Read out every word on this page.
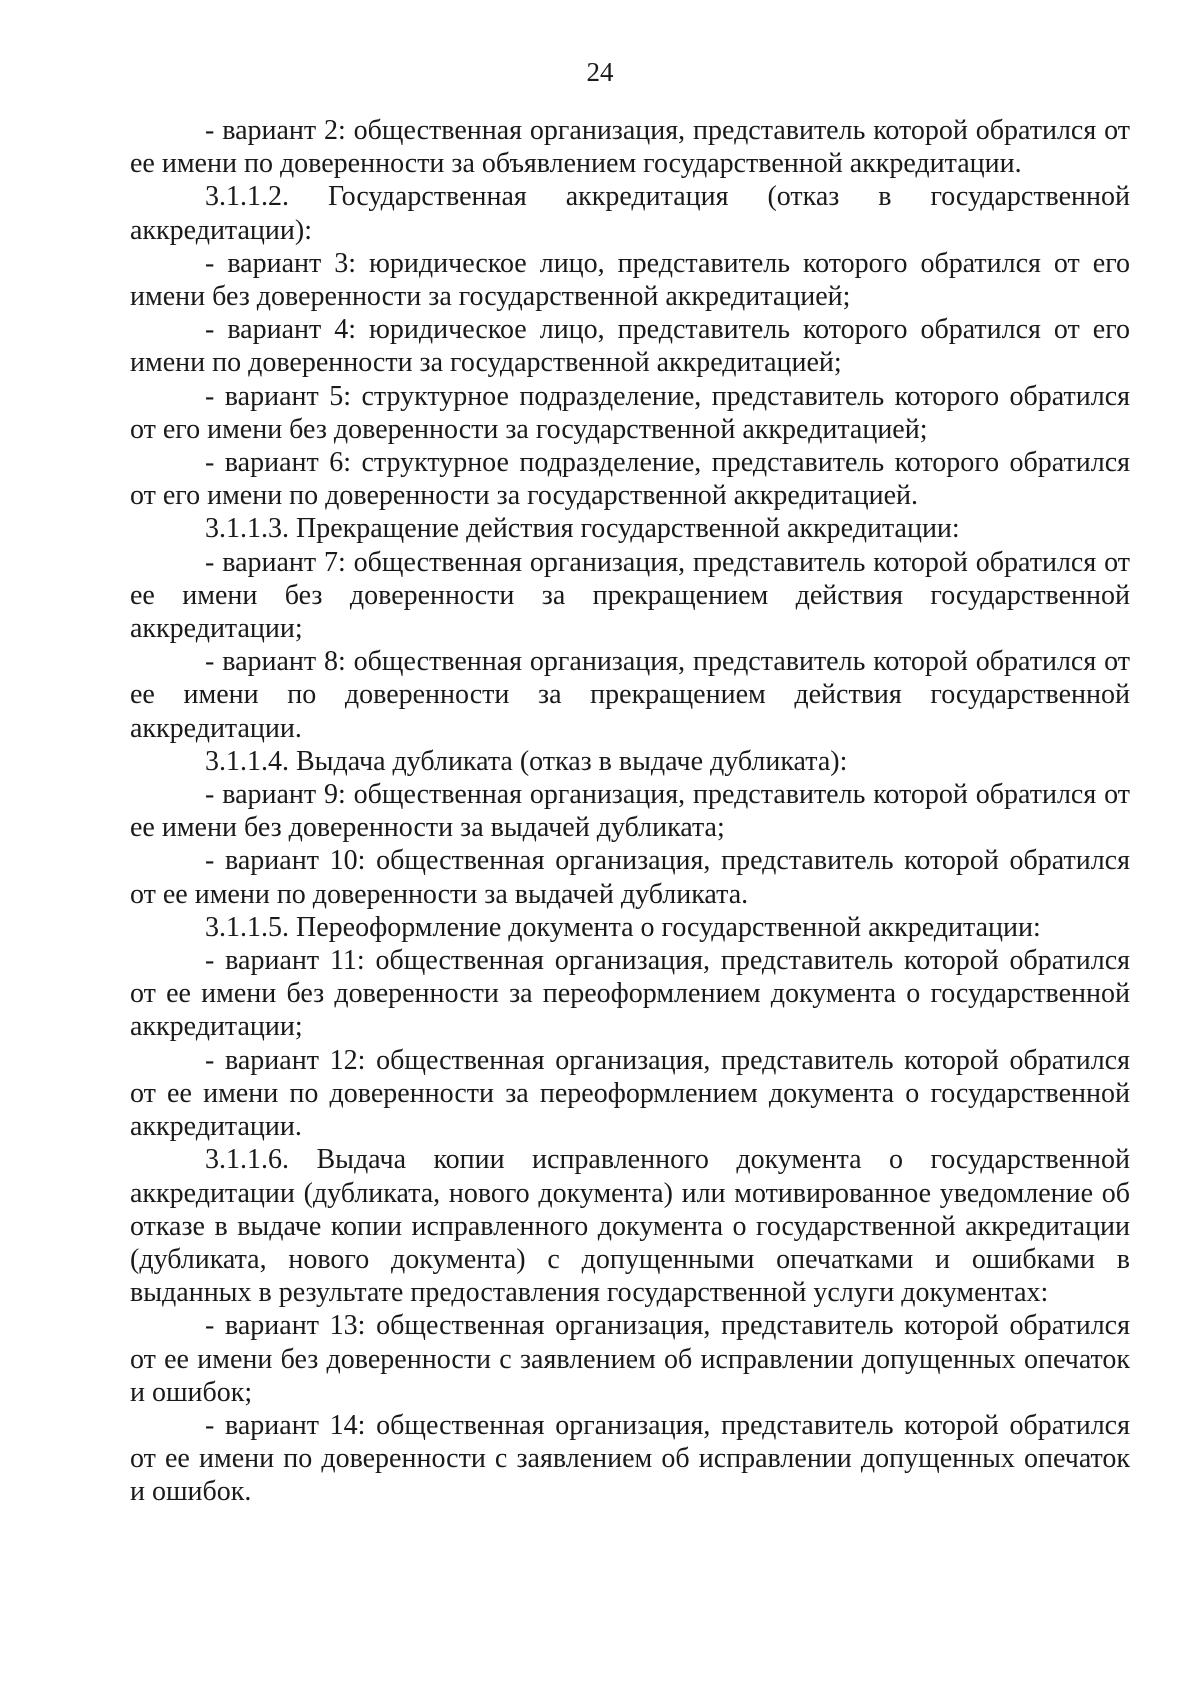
24

- вариант 2: общественная организация, представитель которой обратился от ее имени по доверенности за объявлением государственной аккредитации.

3.1.1.2. Государственная аккредитация (отказ в государственной аккредитации):

- вариант 3: юридическое лицо, представитель которого обратился от его имени без доверенности за государственной аккредитацией;

- вариант 4: юридическое лицо, представитель которого обратился от его имени по доверенности за государственной аккредитацией;

- вариант 5: структурное подразделение, представитель которого обратился от его имени без доверенности за государственной аккредитацией;

- вариант 6: структурное подразделение, представитель которого обратился от его имени по доверенности за государственной аккредитацией.

3.1.1.3. Прекращение действия государственной аккредитации:

- вариант 7: общественная организация, представитель которой обратился от ее имени без доверенности за прекращением действия государственной аккредитации;

- вариант 8: общественная организация, представитель которой обратился от ее имени по доверенности за прекращением действия государственной аккредитации.

3.1.1.4. Выдача дубликата (отказ в выдаче дубликата):

- вариант 9: общественная организация, представитель которой обратился от ее имени без доверенности за выдачей дубликата;

- вариант 10: общественная организация, представитель которой обратился от ее имени по доверенности за выдачей дубликата.

3.1.1.5. Переоформление документа о государственной аккредитации:

- вариант 11: общественная организация, представитель которой обратился от ее имени без доверенности за переоформлением документа о государственной аккредитации;

- вариант 12: общественная организация, представитель которой обратился от ее имени по доверенности за переоформлением документа о государственной аккредитации.

3.1.1.6. Выдача копии исправленного документа о государственной аккредитации (дубликата, нового документа) или мотивированное уведомление об отказе в выдаче копии исправленного документа о государственной аккредитации (дубликата, нового документа) с допущенными опечатками и ошибками в выданных в результате предоставления государственной услуги документах:

- вариант 13: общественная организация, представитель которой обратился от ее имени без доверенности с заявлением об исправлении допущенных опечаток и ошибок;

- вариант 14: общественная организация, представитель которой обратился от ее имени по доверенности с заявлением об исправлении допущенных опечаток и ошибок.
